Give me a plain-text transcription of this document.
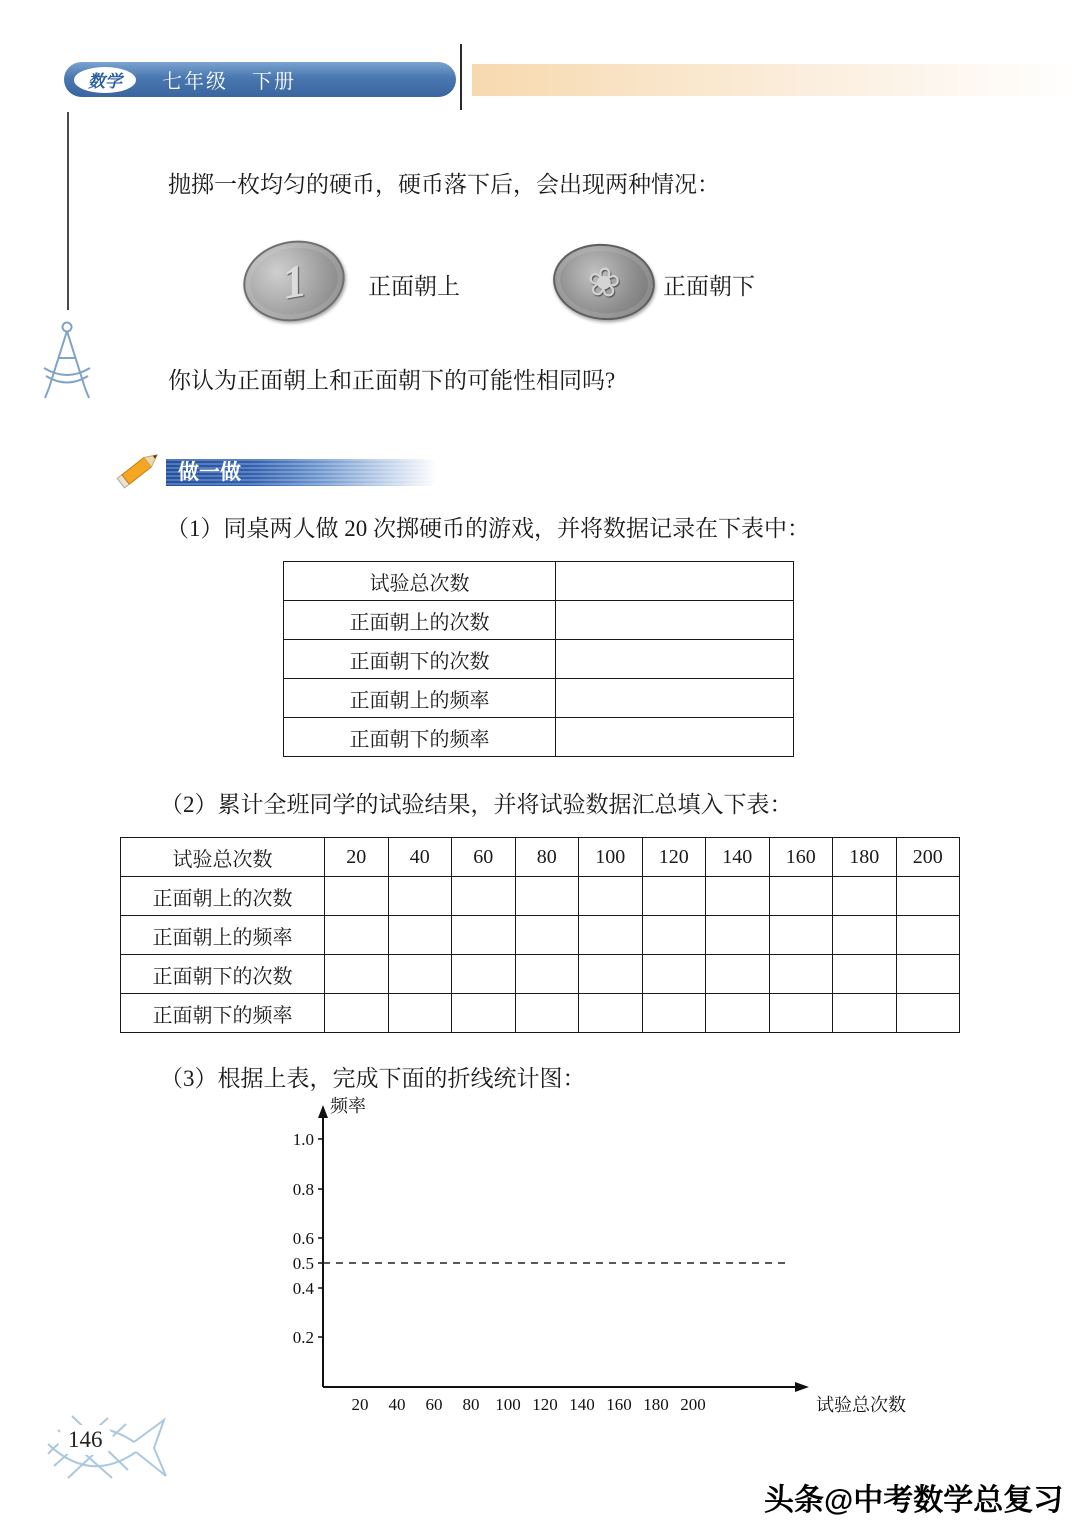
数学	七年级 下册
抛掷一枚均匀的硬币，硬币落下后，会出现两种情况：
1	正面朝上	❀ 正面朝下
你认为正面朝上和正面朝下的可能性相同吗?
做一做
（1）同桌两人做 20 次掷硬币的游戏，并将数据记录在下表中：
试验总次数	
正面朝上的次数	
正面朝下的次数	
正面朝上的频率	
正面朝下的频率	
（2）累计全班同学的试验结果，并将试验数据汇总填入下表：
试验总次数	20	40	60	80	100	120	140	160	180	200
正面朝上的次数										
正面朝上的频率										
正面朝下的次数										
正面朝下的频率										
（3）根据上表，完成下面的折线统计图：
频率
试验总次数
1.0
0.8
0.6
0.5
0.4
0.2
20 40 60 80 100 120 140 160 180 200
146
头条@中考数学总复习
